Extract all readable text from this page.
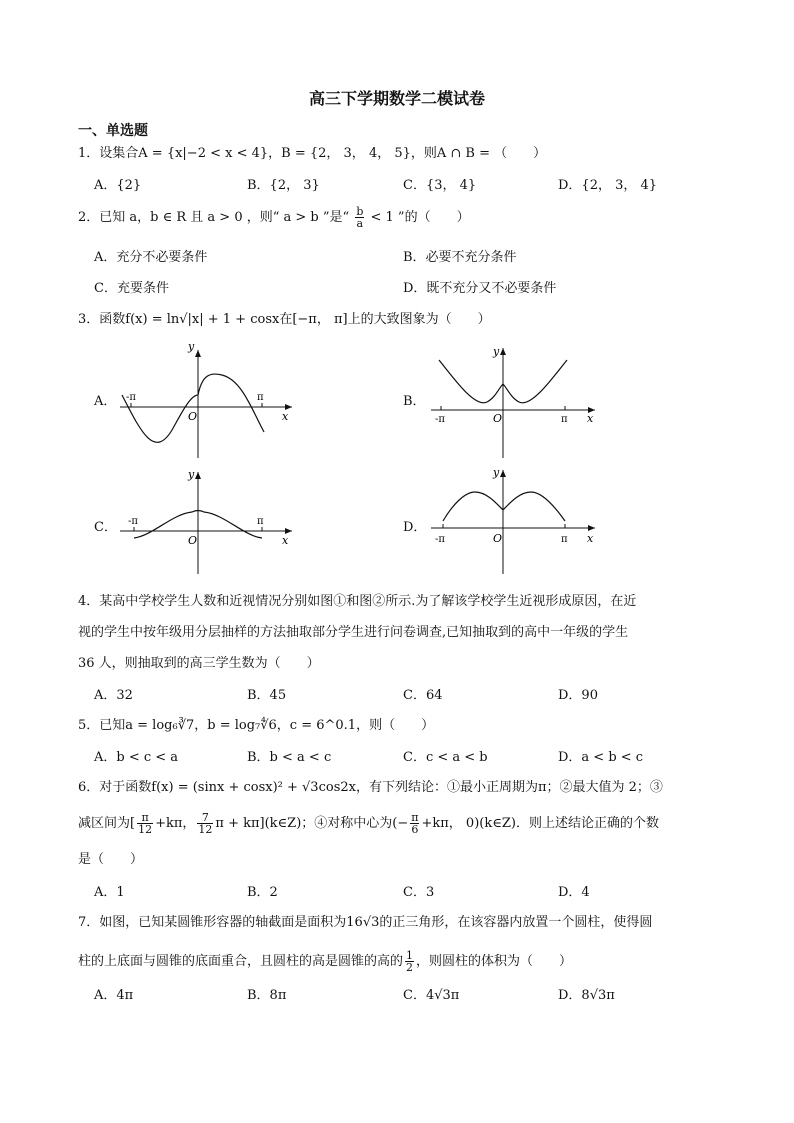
高三下学期数学二模试卷
一、单选题
1．设集合A = {x|−2 < x < 4}，B = {2， 3， 4， 5}，则A ∩ B = （　　）
A．{2}	B．{2， 3}	C．{3， 4}	D．{2， 3， 4}
2．已知 a，b ∈ R 且 a > 0 ，则“ a > b ”是“ $\frac{b}{a} < 1$ ”的（　　）
A．充分不必要条件	B．必要不充分条件
C．充要条件	D．既不充分又不必要条件
3．函数f(x) = ln√|x| + 1 + cosx在[−π， π]上的大致图象为（　　）
A．	B．
C．	D．
y
x
O
-π	π
y
x
O
-π	π
y
x
O
-π	π
y
x
O
-π	π
4．某高中学校学生人数和近视情况分别如图①和图②所示.为了解该学校学生近视形成原因，在近
视的学生中按年级用分层抽样的方法抽取部分学生进行问卷调查,已知抽取到的高中一年级的学生
36 人，则抽取到的高三学生数为（　　）
A．32	B．45	C．64	D．90
5．已知a = log₆∛7，b = log₇∜6，c = 6^0.1，则（　　）
A．b < c < a	B．b < a < c	C．c < a < b	D．a < b < c
6．对于函数f(x) = (sinx + cosx)² + √3cos2x，有下列结论：①最小正周期为π；②最大值为 2；③
减区间为[ $\frac{\pi}{12} +k\pi$， $\frac{7}{12}$ π + kπ](k∈Z)；④对称中心为(− $\frac{\pi}{6} +k\pi$， 0)(k∈Z)．则上述结论正确的个数
是（　　）
A．1	B．2	C．3	D．4
7．如图，已知某圆锥形容器的轴截面是面积为16√3的正三角形，在该容器内放置一个圆柱，使得圆
柱的上底面与圆锥的底面重合，且圆柱的高是圆锥的高的 $\frac{1}{2}$ ，则圆柱的体积为（　　）
A．4π	B．8π	C．4√3π	D．8√3π
